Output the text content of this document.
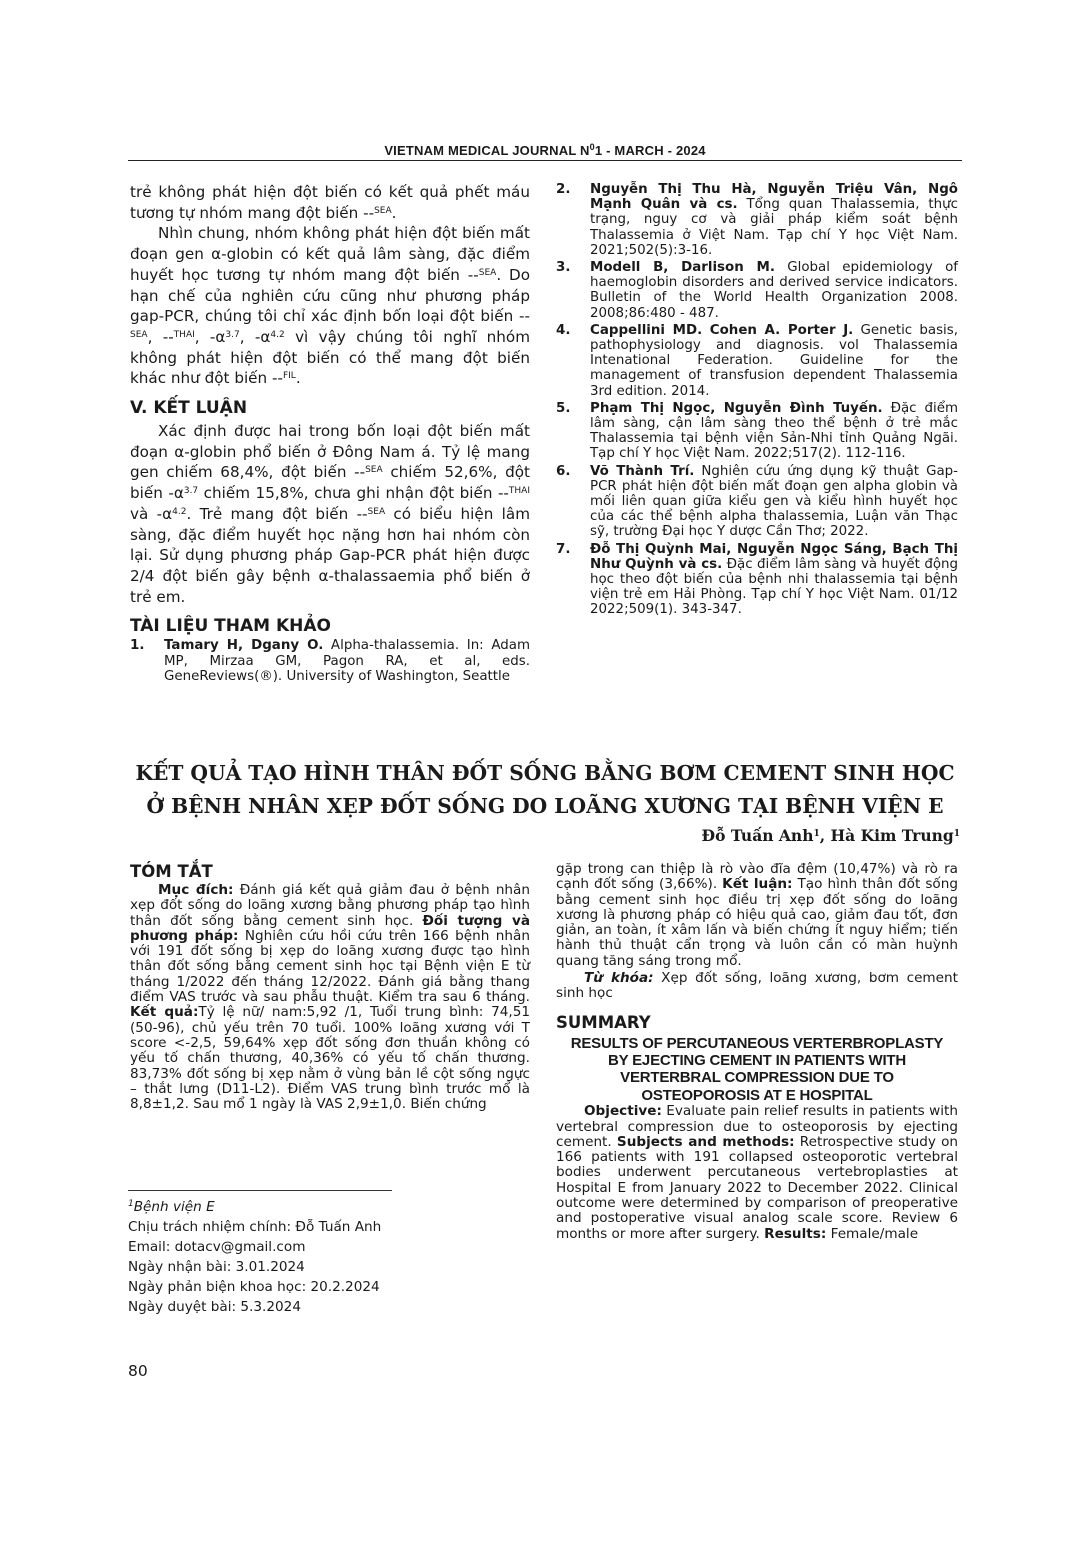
VIETNAM MEDICAL JOURNAL $N^01$ - MARCH - 2024

trẻ không phát hiện đột biến có kết quả phết máu tương tự nhóm mang đột biến --$^{SEA}$.

Nhìn chung, nhóm không phát hiện đột biến mất đoạn gen α-globin có kết quả lâm sàng, đặc điểm huyết học tương tự nhóm mang đột biến --$^{SEA}$. Do hạn chế của nghiên cứu cũng như phương pháp gap-PCR, chúng tôi chỉ xác định bốn loại đột biến --$^{SEA}$, --$^{THAI}$, $-\alpha^{3.7}$, $-\alpha^{4.2}$ vì vậy chúng tôi nghĩ nhóm không phát hiện đột biến có thể mang đột biến khác như đột biến --$^{FIL}$.

V. KẾT LUẬN

Xác định được hai trong bốn loại đột biến mất đoạn α-globin phổ biến ở Đông Nam á. Tỷ lệ mang gen chiếm 68,4%, đột biến --$^{SEA}$ chiếm 52,6%, đột biến $-\alpha^{3.7}$ chiếm 15,8%, chưa ghi nhận đột biến --$^{THAI}$ và $-\alpha^{4.2}$. Trẻ mang đột biến --$^{SEA}$ có biểu hiện lâm sàng, đặc điểm huyết học nặng hơn hai nhóm còn lại. Sử dụng phương pháp Gap-PCR phát hiện được 2/4 đột biến gây bệnh α-thalassaemia phổ biến ở trẻ em.

TÀI LIỆU THAM KHẢO

1. Tamary H, Dgany O. Alpha-thalassemia. In: Adam MP, Mirzaa GM, Pagon RA, et al, eds. GeneReviews(®). University of Washington, Seattle

2. Nguyễn Thị Thu Hà, Nguyễn Triệu Vân, Ngô Mạnh Quân và cs. Tổng quan Thalassemia, thực trạng, nguy cơ và giải pháp kiểm soát bệnh Thalassemia ở Việt Nam. Tạp chí Y học Việt Nam. 2021;502(5):3-16.

3. Modell B, Darlison M. Global epidemiology of haemoglobin disorders and derived service indicators. Bulletin of the World Health Organization 2008. 2008;86:480 - 487.

4. Cappellini MD. Cohen A. Porter J. Genetic basis, pathophysiology and diagnosis. vol Thalassemia Intenational Federation. Guideline for the management of transfusion dependent Thalassemia 3rd edition. 2014.

5. Phạm Thị Ngọc, Nguyễn Đình Tuyến. Đặc điểm lâm sàng, cận lâm sàng theo thể bệnh ở trẻ mắc Thalassemia tại bệnh viện Sản-Nhi tỉnh Quảng Ngãi. Tạp chí Y học Việt Nam. 2022;517(2). 112-116.

6. Võ Thành Trí. Nghiên cứu ứng dụng kỹ thuật Gap-PCR phát hiện đột biến mất đoạn gen alpha globin và mối liên quan giữa kiểu gen và kiểu hình huyết học của các thể bệnh alpha thalassemia, Luận văn Thạc sỹ, trường Đại học Y dược Cần Thơ; 2022.

7. Đỗ Thị Quỳnh Mai, Nguyễn Ngọc Sáng, Bạch Thị Như Quỳnh và cs. Đặc điểm lâm sàng và huyết động học theo đột biến của bệnh nhi thalassemia tại bệnh viện trẻ em Hải Phòng. Tạp chí Y học Việt Nam. 01/12 2022;509(1). 343-347.

KẾT QUẢ TẠO HÌNH THÂN ĐỐT SỐNG BẰNG BƠM CEMENT SINH HỌC
Ở BỆNH NHÂN XẸP ĐỐT SỐNG DO LOÃNG XƯƠNG TẠI BỆNH VIỆN E
Đỗ Tuấn Anh$^1$, Hà Kim Trung$^1$

TÓM TẮT

Mục đích: Đánh giá kết quả giảm đau ở bệnh nhân xẹp đốt sống do loãng xương bằng phương pháp tạo hình thân đốt sống bằng cement sinh học. Đối tượng và phương pháp: Nghiên cứu hồi cứu trên 166 bệnh nhân với 191 đốt sống bị xẹp do loãng xương được tạo hình thân đốt sống bằng cement sinh học tại Bệnh viện E từ tháng 1/2022 đến tháng 12/2022. Đánh giá bằng thang điểm VAS trước và sau phẫu thuật. Kiểm tra sau 6 tháng. Kết quả:Tỷ lệ nữ/ nam:5,92 /1, Tuổi trung bình: 74,51 (50-96), chủ yếu trên 70 tuổi. 100% loãng xương với T score <-2,5, 59,64% xẹp đốt sống đơn thuần không có yếu tố chấn thương, 40,36% có yếu tố chấn thương. 83,73% đốt sống bị xẹp nằm ở vùng bản lề cột sống ngực – thắt lưng (D11-L2). Điểm VAS trung bình trước mổ là 8,8±1,2. Sau mổ 1 ngày là VAS 2,9±1,0. Biến chứng

gặp trong can thiệp là rò vào đĩa đệm (10,47%) và rò ra cạnh đốt sống (3,66%). Kết luận: Tạo hình thân đốt sống bằng cement sinh học điều trị xẹp đốt sống do loãng xương là phương pháp có hiệu quả cao, giảm đau tốt, đơn giản, an toàn, ít xâm lấn và biến chứng ít nguy hiểm; tiến hành thủ thuật cẩn trọng và luôn cần có màn huỳnh quang tăng sáng trong mổ.

Từ khóa: Xẹp đốt sống, loãng xương, bơm cement sinh học

SUMMARY

RESULTS OF PERCUTANEOUS VERTERBROPLASTY BY EJECTING CEMENT IN PATIENTS WITH VERTERBRAL COMPRESSION DUE TO OSTEOPOROSIS AT E HOSPITAL

Objective: Evaluate pain relief results in patients with vertebral compression due to osteoporosis by ejecting cement. Subjects and methods: Retrospective study on 166 patients with 191 collapsed osteoporotic vertebral bodies underwent percutaneous vertebroplasties at Hospital E from January 2022 to December 2022. Clinical outcome were determined by comparison of preoperative and postoperative visual analog scale score. Review 6 months or more after surgery. Results: Female/male

$^1$Bệnh viện E

Chịu trách nhiệm chính: Đỗ Tuấn Anh

Email: dotacv@gmail.com

Ngày nhận bài: 3.01.2024

Ngày phản biện khoa học: 20.2.2024

Ngày duyệt bài: 5.3.2024

80
